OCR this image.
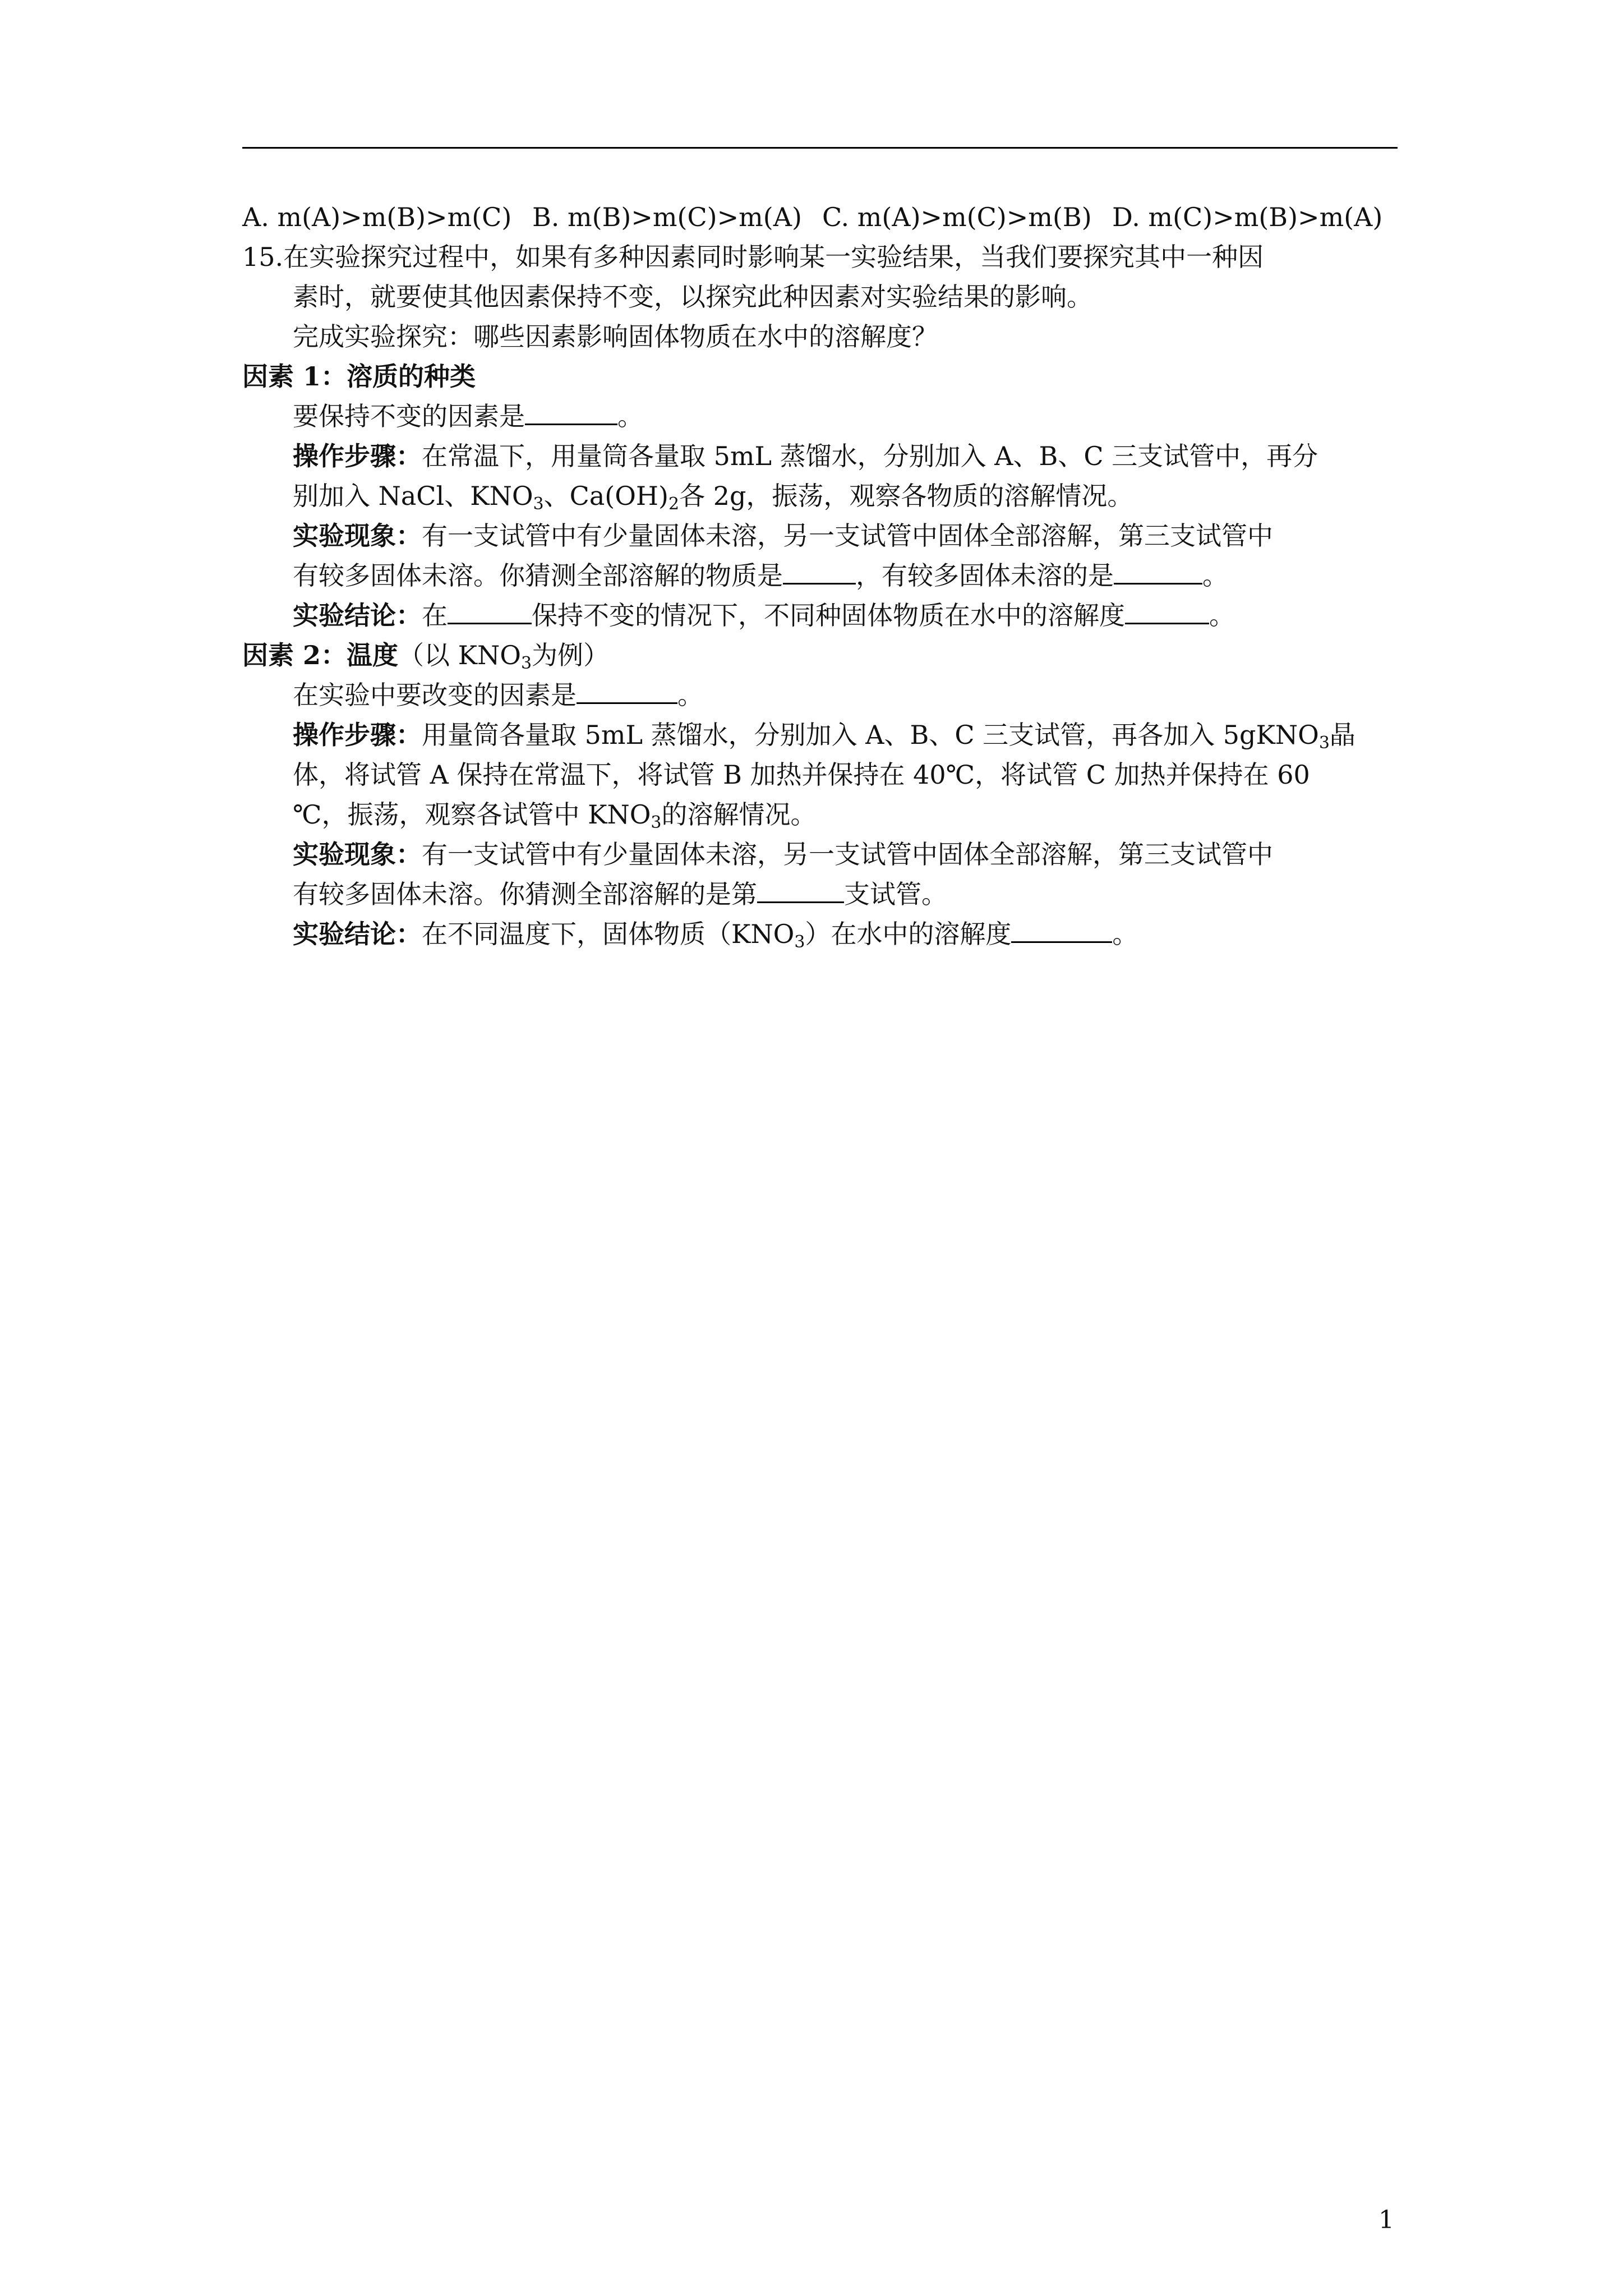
A. m(A)>m(B)>m(C) B. m(B)>m(C)>m(A) C. m(A)>m(C)>m(B) D. m(C)>m(B)>m(A)
15.在实验探究过程中，如果有多种因素同时影响某一实验结果，当我们要探究其中一种因
素时，就要使其他因素保持不变，以探究此种因素对实验结果的影响。
完成实验探究：哪些因素影响固体物质在水中的溶解度？
因素 1：溶质的种类
要保持不变的因素是	。
操作步骤：在常温下，用量筒各量取 5mL 蒸馏水，分别加入 A、B、C 三支试管中，再分
别加入 NaCl、$KNO_3$、$Ca(OH)_2$各 2g，振荡，观察各物质的溶解情况。
实验现象：有一支试管中有少量固体未溶，另一支试管中固体全部溶解，第三支试管中
有较多固体未溶。你猜测全部溶解的物质是	，有较多固体未溶的是	。
实验结论：在	保持不变的情况下，不同种固体物质在水中的溶解度	。
因素 2：温度（以 $KNO_3$为例）
在实验中要改变的因素是	。
操作步骤：用量筒各量取 5mL 蒸馏水，分别加入 A、B、C 三支试管，再各加入 5gKNO$_3$晶
体，将试管 A 保持在常温下，将试管 B 加热并保持在 40℃，将试管 C 加热并保持在 60
℃，振荡，观察各试管中 $KNO_3$的溶解情况。
实验现象：有一支试管中有少量固体未溶，另一支试管中固体全部溶解，第三支试管中
有较多固体未溶。你猜测全部溶解的是第	支试管。
实验结论：在不同温度下，固体物质$(KNO_3)$在水中的溶解度	。
1
